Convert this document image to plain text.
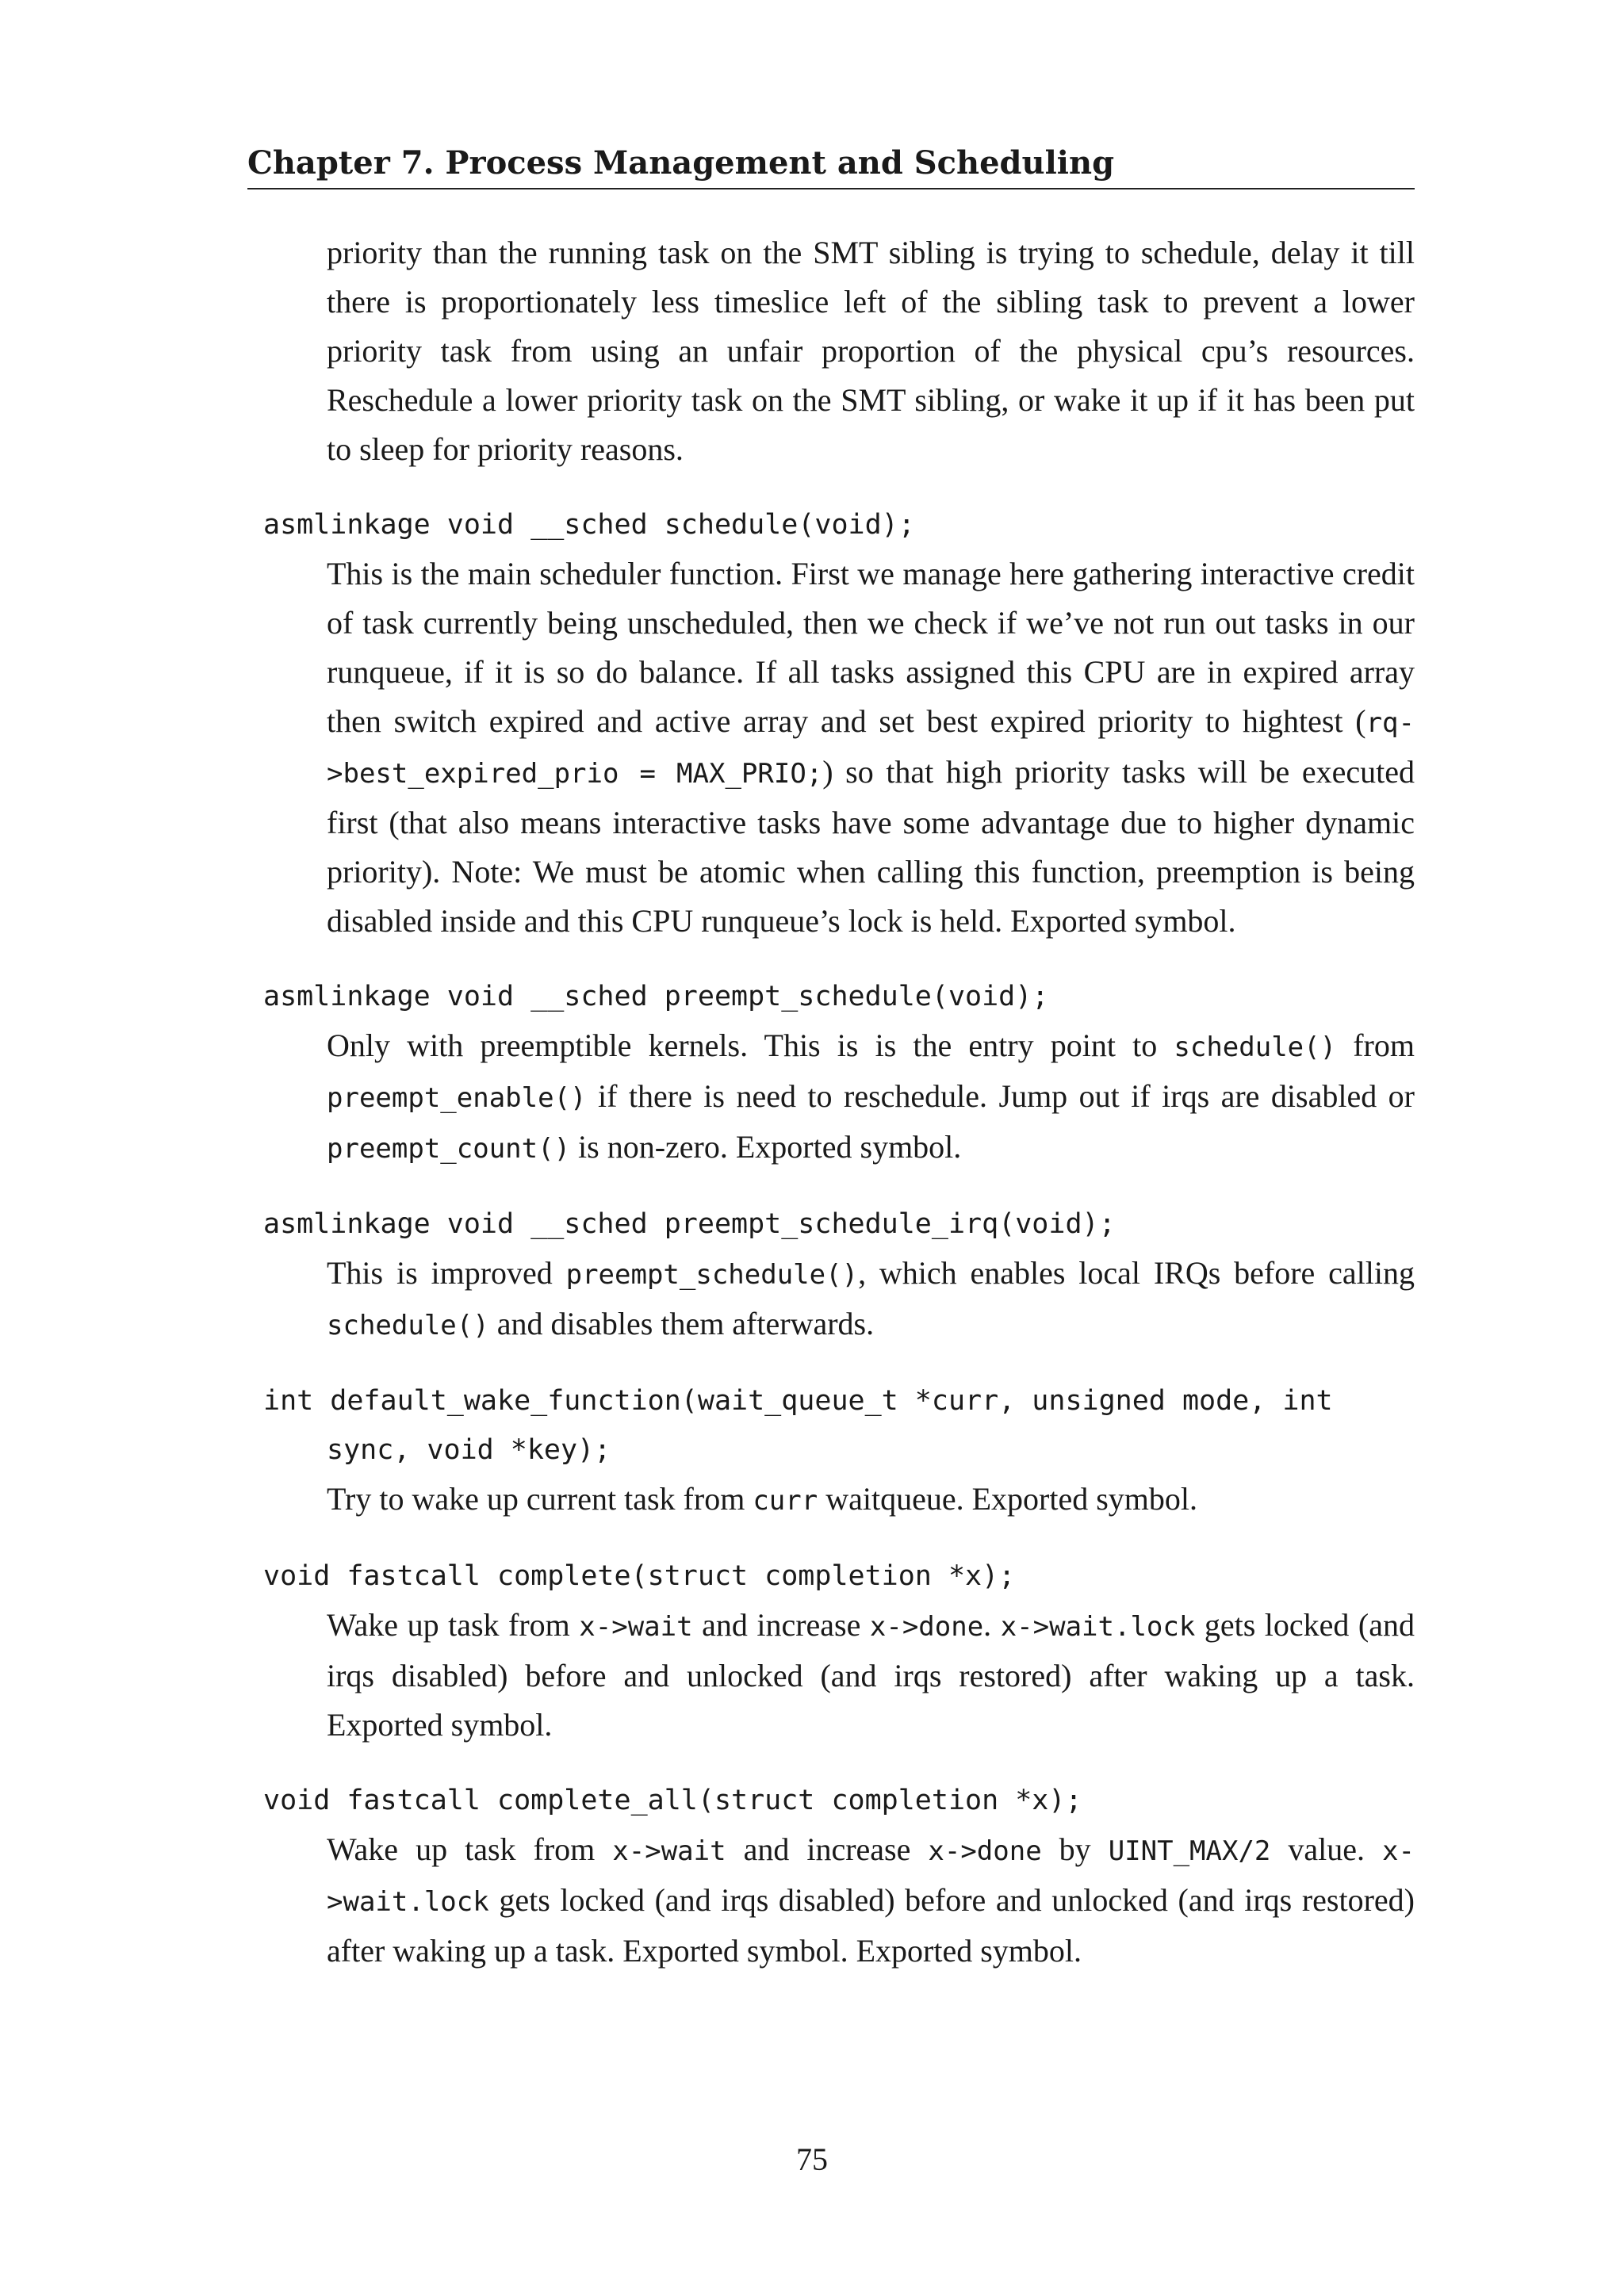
Chapter 7. Process Management and Scheduling

priority than the running task on the SMT sibling is trying to schedule, delay it till there is proportionately less timeslice left of the sibling task to prevent a lower priority task from using an unfair proportion of the physical cpu’s resources. Reschedule a lower priority task on the SMT sibling, or wake it up if it has been put to sleep for priority reasons.

asmlinkage void __sched schedule(void);
This is the main scheduler function. First we manage here gathering interactive credit of task currently being unscheduled, then we check if we’ve not run out tasks in our runqueue, if it is so do balance. If all tasks assigned this CPU are in expired array then switch expired and active array and set best expired priority to hightest (rq->best_expired_prio = MAX_PRIO;) so that high priority tasks will be executed first (that also means interactive tasks have some advantage due to higher dynamic priority). Note: We must be atomic when calling this function, preemption is being disabled inside and this CPU runqueue’s lock is held. Exported symbol.
asmlinkage void __sched preempt_schedule(void);
Only with preemptible kernels. This is is the entry point to schedule() from preempt_enable() if there is need to reschedule. Jump out if irqs are disabled or preempt_count() is non-zero. Exported symbol.
asmlinkage void __sched preempt_schedule_irq(void);
This is improved preempt_schedule(), which enables local IRQs before calling schedule() and disables them afterwards.
int default_wake_function(wait_queue_t *curr, unsigned mode, int
sync, void *key);
Try to wake up current task from curr waitqueue. Exported symbol.
void fastcall complete(struct completion *x);
Wake up task from x->wait and increase x->done. x->wait.lock gets locked (and irqs disabled) before and unlocked (and irqs restored) after waking up a task. Exported symbol.
void fastcall complete_all(struct completion *x);
Wake up task from x->wait and increase x->done by UINT_MAX/2 value. x->wait.lock gets locked (and irqs disabled) before and unlocked (and irqs restored) after waking up a task. Exported symbol. Exported symbol.
75
